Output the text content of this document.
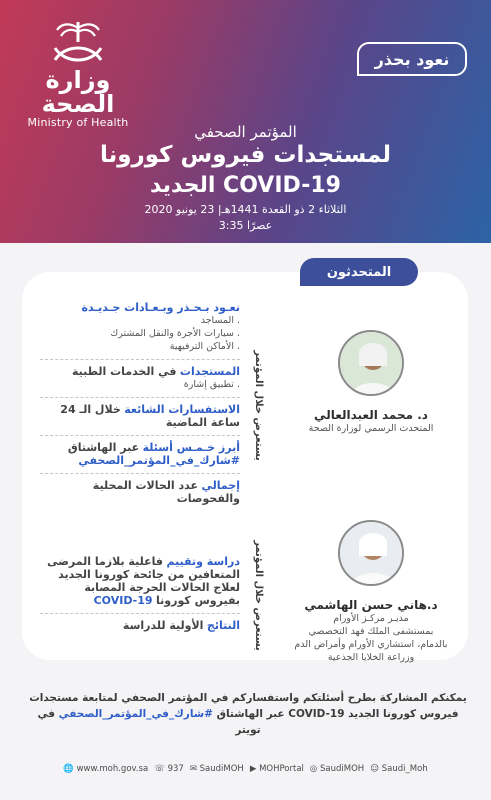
وزارة الصحة
Ministry of Health
نعود بحذر
المؤتمر الصحفي
لمستجدات فيروس كورونا
الجديد COVID-19
الثلاثاء 2 ذو القعدة 1441هـ| 23 يونيو 2020
3:35 عصرًا
المتحدثون
نعـود بـحـذر وبـعـادات جـديـدة
. المساجد
. سيارات الأجرة والنقل المشترك
. الأماكن الترفيهية
المستجدات في الخدمات الطبية
. تطبيق إشارة
الاستفسارات الشائعة خلال الـ 24 ساعة الماضية
أبرز خـمـس أسئلة عبر الهاشتاق
#شارك_في_المؤتمر_الصحفي
إجمالي عدد الحالات المحلية والفحوصات
يستعرض خلال المؤتمر	د. محمد العبدالعالي
المتحدث الرسمي لوزارة الصحة
دراسة وتقييم فاعلية بلازما المرضى المتعافين من جائحة كورونا الجديد لعلاج الحالات الحرجة المصابة بفيروس كورونا COVID-19
النتائج الأولية للدراسة	يستعرض خلال المؤتمر	د.هاني حسن الهاشمي
مديـر مركـز الأورام
بمستشفى الملك فهد التخصصي
بالدمام، استشاري الأورام وأمراض الدم
وزراعة الخلايا الجذعية
يمكنكم المشاركة بطرح أسئلتكم واستفساركم في المؤتمر الصحفي لمتابعة مستجدات فيروس كورونا الجديد COVID-19 عبر الهاشتاق #شارك_في_المؤتمر_الصحفي في تويتر
🌐 www.moh.gov.sa ☏ 937 ✉ SaudiMOH ▶ MOHPortal ◎ SaudiMOH ☺ Saudi_Moh
